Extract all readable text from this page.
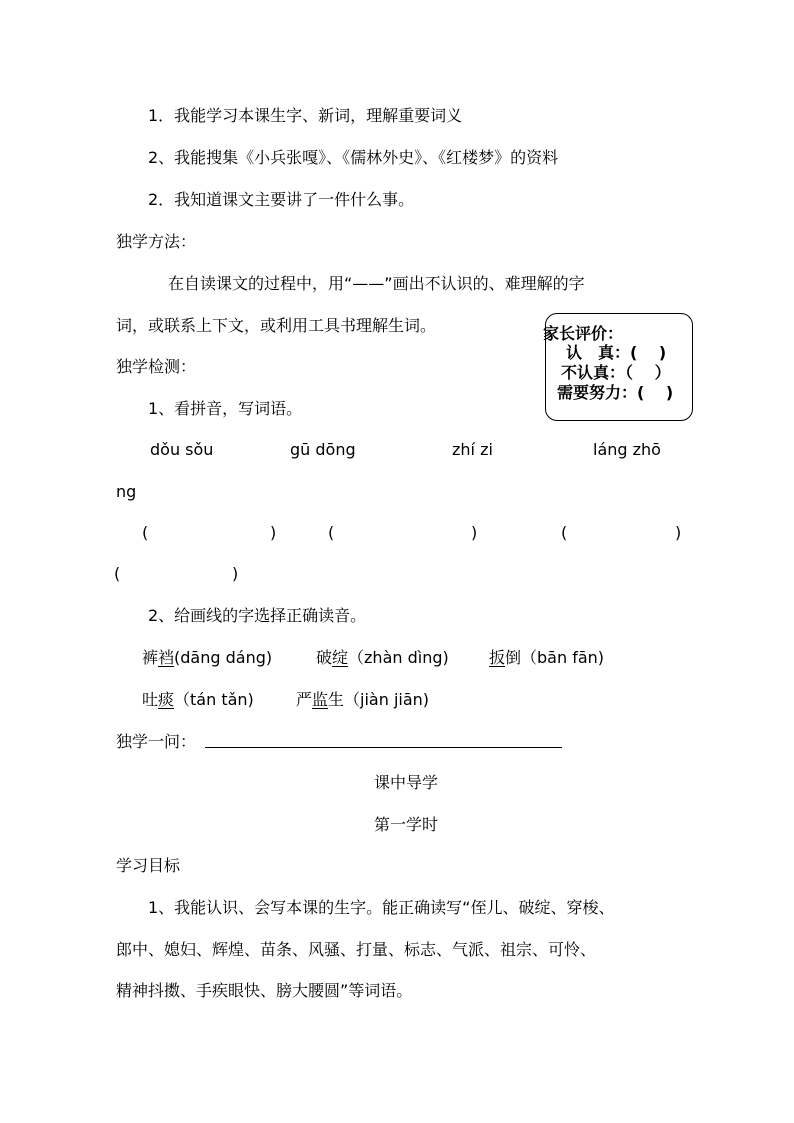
1．我能学习本课生字、新词，理解重要词义
2、我能搜集《小兵张嘎》、《儒林外史》、《红楼梦》的资料
2．我知道课文主要讲了一件什么事。
独学方法：
在自读课文的过程中，用“——”画出不认识的、难理解的字
词，或联系上下文，或利用工具书理解生词。	家长评价：
认　真：(　 )
不认真：（　 ）
需要努力：(　 )
独学检测：
1、看拼音，写词语。
dǒu sǒu	gū dōng	zhí zi	láng zhō
ng
(	)	(	)	(	)
(	)
2、给画线的字选择正确读音。
裤裆(dāng dáng)	破绽（zhàn dìng)	扳倒（bān fān)
吐痰（tán tǎn)	严监生（jiàn jiān)
独学一问：
课中导学
第一学时
学习目标
1、我能认识、会写本课的生字。能正确读写“侄儿、破绽、穿梭、
郎中、媳妇、辉煌、苗条、风骚、打量、标志、气派、祖宗、可怜、
精神抖擞、手疾眼快、膀大腰圆”等词语。
